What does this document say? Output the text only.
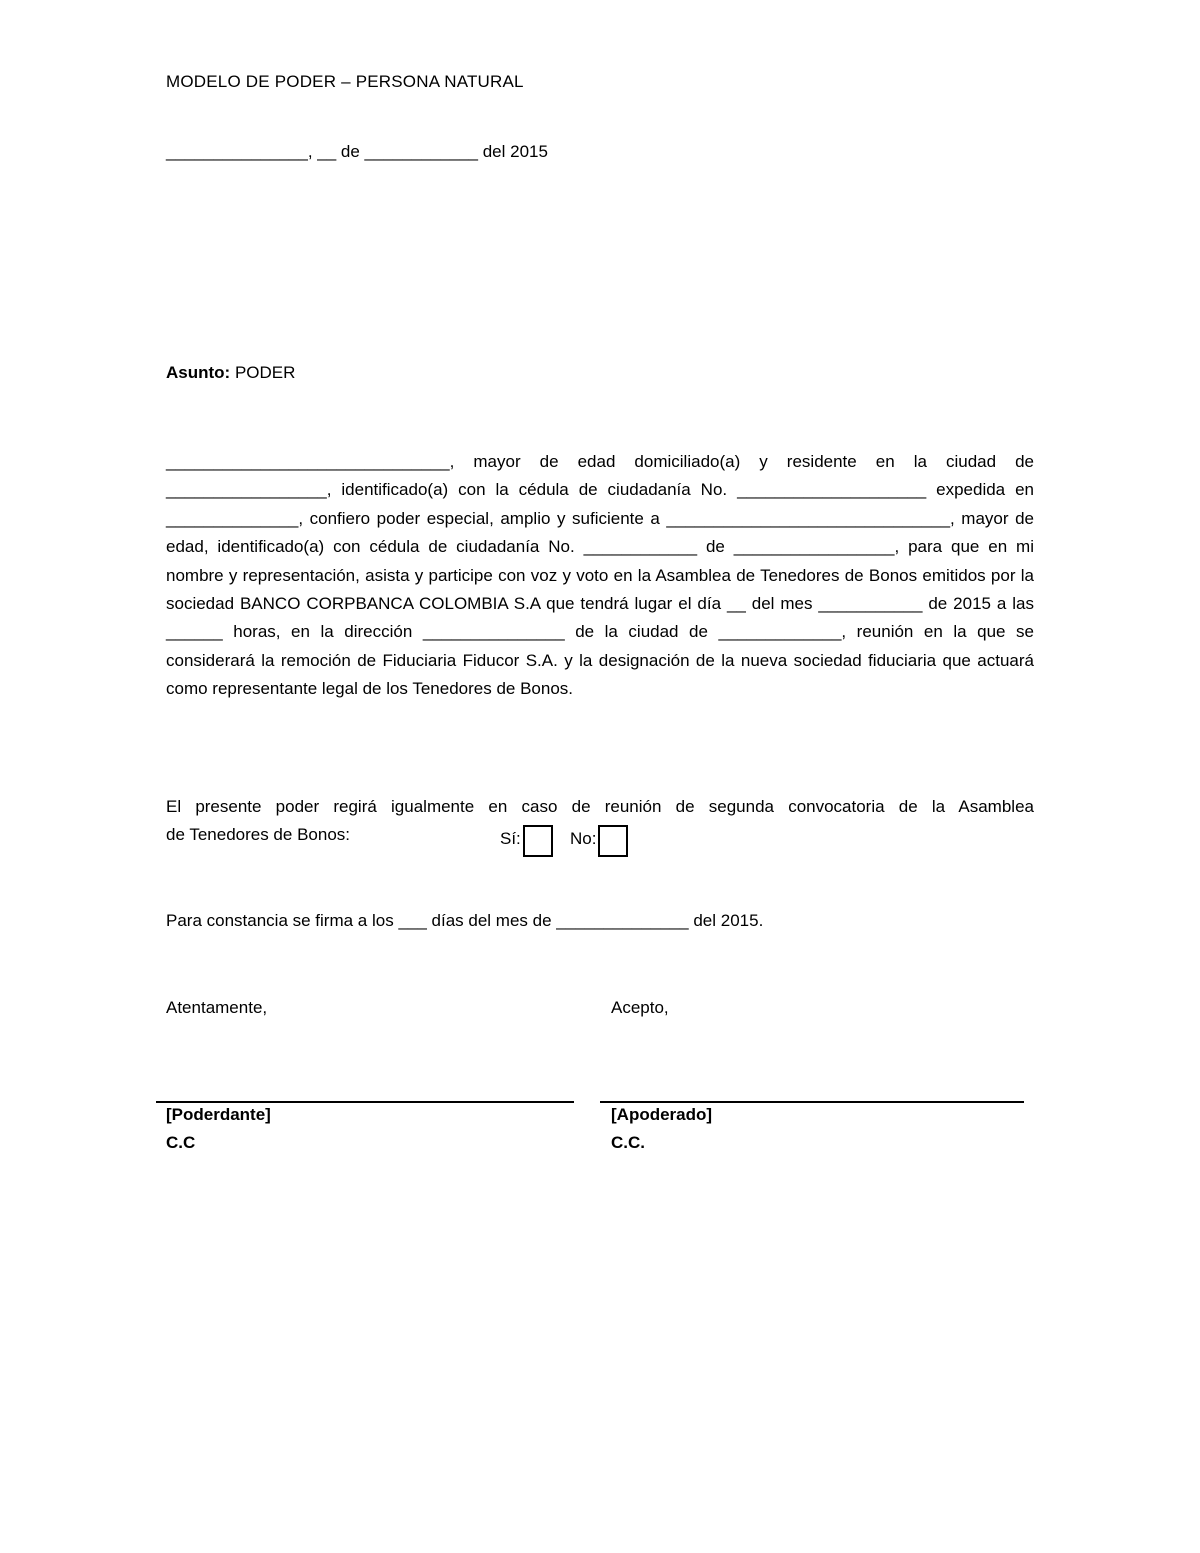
MODELO DE PODER – PERSONA NATURAL
_______________, __ de ____________ del 2015
Asunto: PODER
______________________________, mayor de edad domiciliado(a) y residente en la ciudad de _________________, identificado(a) con la cédula de ciudadanía No. ____________________ expedida en ______________, confiero poder especial, amplio y suficiente a ______________________________, mayor de edad, identificado(a) con cédula de ciudadanía No. ____________ de _________________, para que en mi nombre y representación, asista y participe con voz y voto en la Asamblea de Tenedores de Bonos emitidos por la sociedad BANCO CORPBANCA COLOMBIA S.A que tendrá lugar el día __ del mes ___________ de 2015 a las ______ horas, en la dirección _______________ de la ciudad de _____________, reunión en la que se considerará la remoción de Fiduciaria Fiducor S.A. y la designación de la nueva sociedad fiduciaria que actuará como representante legal de los Tenedores de Bonos.
El presente poder regirá igualmente en caso de reunión de segunda convocatoria de la Asamblea
de Tenedores de Bonos:	Sí:	No:
Para constancia se firma a los ___ días del mes de ______________ del 2015.
Atentamente,	Acepto,
[Poderdante]
C.C
[Apoderado]
C.C.
